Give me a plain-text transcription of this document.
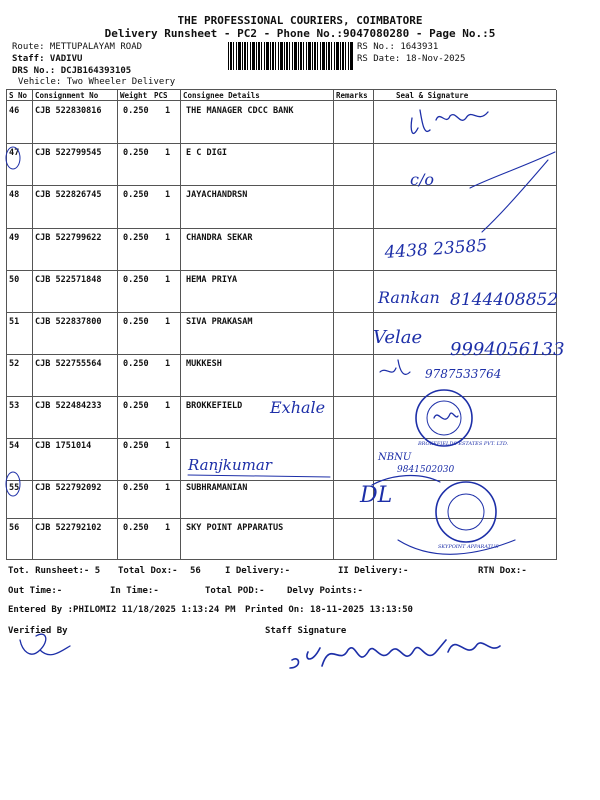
THE PROFESSIONAL COURIERS, COIMBATORE
Delivery Runsheet - PC2 - Phone No.:9047080280 - Page No.:5
Route: METTUPALAYAM ROAD
Staff: VADIVU
DRS No.: DCJB164393105
Vehicle: Two Wheeler Delivery
RS No.: 1643931
RS Date: 18-Nov-2025
S No Consignment No	Weight PCS Consignee Details	Remarks	Seal & Signature
46 CJB 522830816	0.250 1 THE MANAGER CDCC BANK
47 CJB 522799545	0.250 1 E C DIGI
48 CJB 522826745	0.250 1 JAYACHANDRSN
49 CJB 522799622	0.250 1 CHANDRA SEKAR
50 CJB 522571848	0.250 1 HEMA PRIYA
51 CJB 522837800	0.250 1 SIVA PRAKASAM
52 CJB 522755564	0.250 1 MUKKESH
53 CJB 522484233	0.250 1 BROKKEFIELD
54 CJB 1751014	0.250 1
55 CJB 522792092	0.250 1 SUBHRAMANIAN
56 CJB 522792102	0.250 1 SKY POINT APPARATUS
Tot. Runsheet:- 5 Total Dox:- 56	I Delivery:-	II Delivery:-	RTN Dox:-
Out Time:-	In Time:-	Total POD:- Delvy Points:-
Entered By :PHILOMI2 11/18/2025 1:13:24 PM Printed On: 18-11-2025 13:13:50
Verified By	Staff Signature
c/o
4438 23585
Rankan 8144408852
Velae
9994056133
9787533764
Exhale
BROKEFIELDS ESTATES PVT. LTD.
Ranjkumar	NBNU
9841502030
DL
SKYPOINT APPARATUS
